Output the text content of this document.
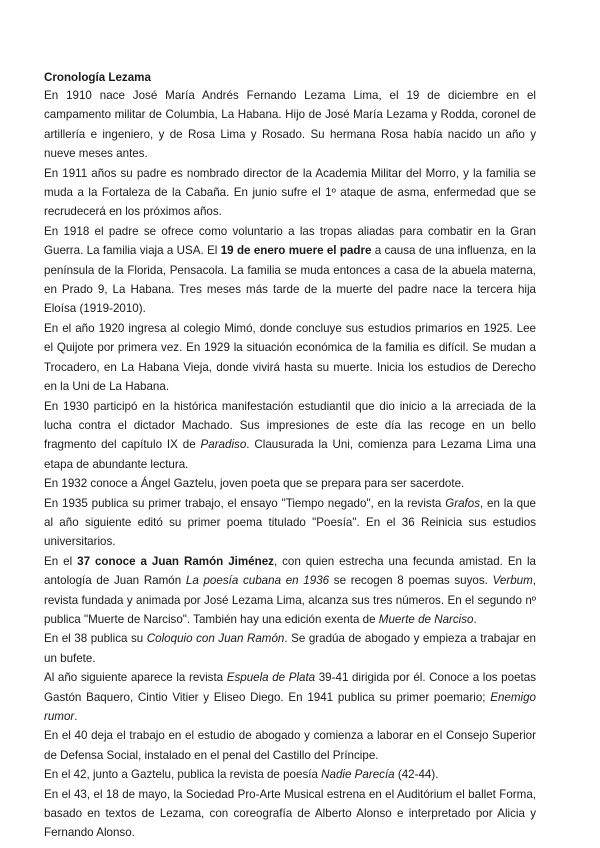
Cronología Lezama

En 1910 nace José María Andrés Fernando Lezama Lima, el 19 de diciembre en el campamento militar de Columbia, La Habana. Hijo de José María Lezama y Rodda, coronel de artillería e ingeniero, y de Rosa Lima y Rosado. Su hermana Rosa había nacido un año y nueve meses antes.

En 1911 años su padre es nombrado director de la Academia Militar del Morro, y la familia se muda a la Fortaleza de la Cabaña. En junio sufre el 1º ataque de asma, enfermedad que se recrudecerá en los próximos años.

En 1918 el padre se ofrece como voluntario a las tropas aliadas para combatir en la Gran Guerra. La familia viaja a USA. El 19 de enero muere el padre a causa de una influenza, en la península de la Florida, Pensacola. La familia se muda entonces a casa de la abuela materna, en Prado 9, La Habana. Tres meses más tarde de la muerte del padre nace la tercera hija Eloísa (1919-2010).

En el año 1920 ingresa al colegio Mimó, donde concluye sus estudios primarios en 1925. Lee el Quijote por primera vez. En 1929 la situación económica de la familia es difícil. Se mudan a Trocadero, en La Habana Vieja, donde vivirá hasta su muerte. Inicia los estudios de Derecho en la Uni de La Habana.

En 1930 participó en la histórica manifestación estudiantil que dio inicio a la arreciada de la lucha contra el dictador Machado. Sus impresiones de este día las recoge en un bello fragmento del capítulo IX de Paradiso. Clausurada la Uni, comienza para Lezama Lima una etapa de abundante lectura.

En 1932 conoce a Ángel Gaztelu, joven poeta que se prepara para ser sacerdote.

En 1935 publica su primer trabajo, el ensayo "Tiempo negado", en la revista Grafos, en la que al año siguiente editó su primer poema titulado "Poesía". En el 36 Reinicia sus estudios universitarios.

En el 37 conoce a Juan Ramón Jiménez, con quien estrecha una fecunda amistad. En la antología de Juan Ramón La poesía cubana en 1936 se recogen 8 poemas suyos. Verbum, revista fundada y animada por José Lezama Lima, alcanza sus tres números. En el segundo nº publica "Muerte de Narciso". También hay una edición exenta de Muerte de Narciso.

En el 38 publica su Coloquio con Juan Ramón. Se gradúa de abogado y empieza a trabajar en un bufete.

Al año siguiente aparece la revista Espuela de Plata 39-41 dirigida por él. Conoce a los poetas Gastón Baquero, Cintio Vitier y Eliseo Diego. En 1941 publica su primer poemario; Enemigo rumor.

En el 40 deja el trabajo en el estudio de abogado y comienza a laborar en el Consejo Superior de Defensa Social, instalado en el penal del Castillo del Príncipe.

En el 42, junto a Gaztelu, publica la revista de poesía Nadie Parecía (42-44).

En el 43, el 18 de mayo, la Sociedad Pro-Arte Musical estrena en el Auditórium el ballet Forma, basado en textos de Lezama, con coreografía de Alberto Alonso e interpretado por Alicia y Fernando Alonso.
